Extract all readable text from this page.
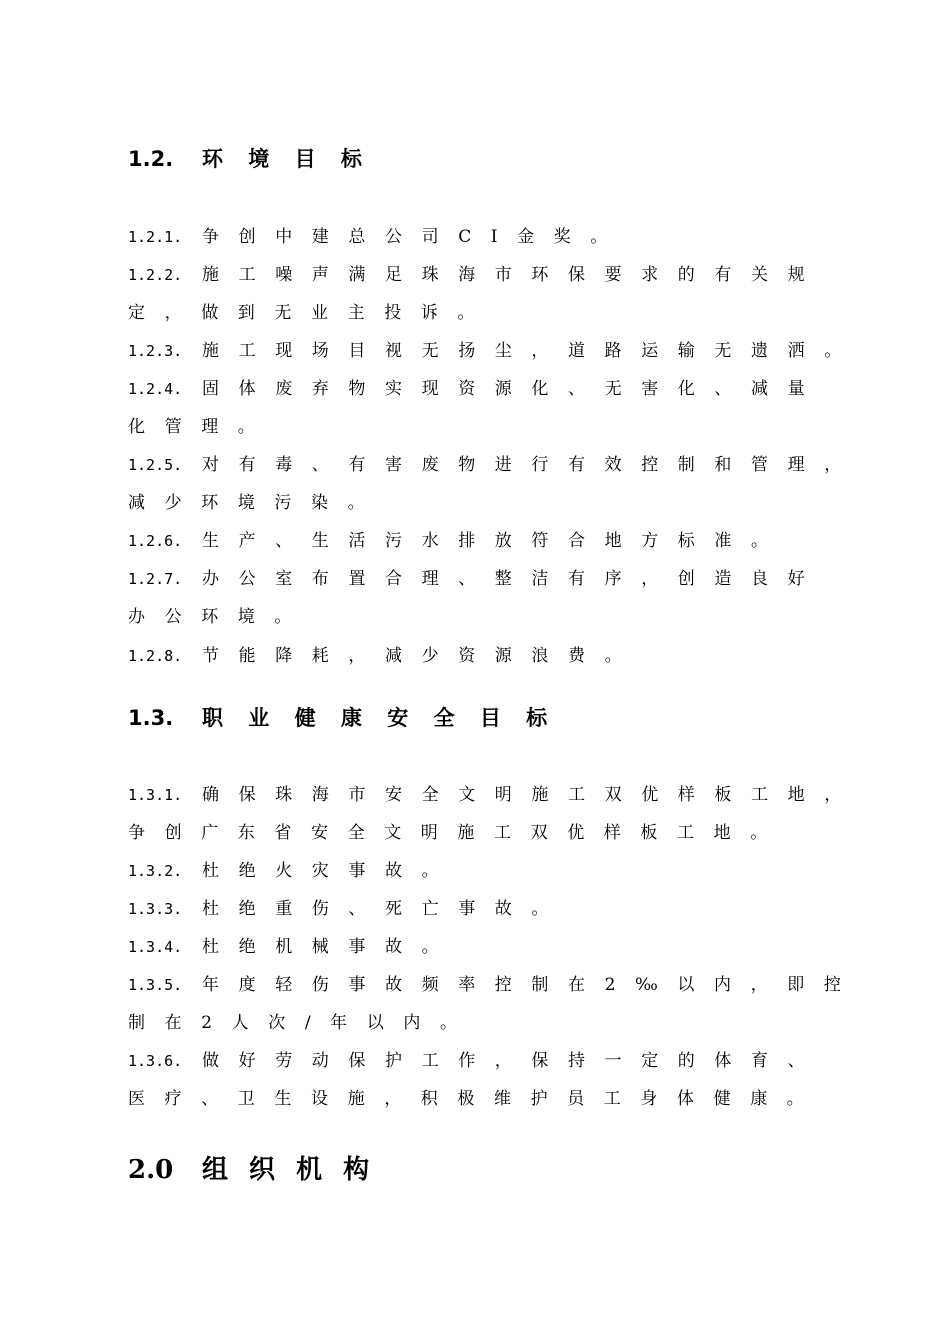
1.2. 环 境 目 标
1.2.1. 争创中建总公司CI金奖。
1.2.2. 施工噪声满足珠海市环保要求的有关规
定，做到无业主投诉。
1.2.3. 施工现场目视无扬尘，道路运输无遗洒。
1.2.4. 固体废弃物实现资源化、无害化、减量
化管理。
1.2.5. 对有毒、有害废物进行有效控制和管理，
减少环境污染。
1.2.6. 生产、生活污水排放符合地方标准。
1.2.7. 办公室布置合理、整洁有序，创造良好
办公环境。
1.2.8. 节能降耗，减少资源浪费。
1.3. 职 业 健 康 安 全 目 标
1.3.1. 确保珠海市安全文明施工双优样板工地，
争创广东省安全文明施工双优样板工地。
1.3.2. 杜绝火灾事故。
1.3.3. 杜绝重伤、死亡事故。
1.3.4. 杜绝机械事故。
1.3.5. 年度轻伤事故频率控制在2‰以内，即控
制在2人次/年以内。
1.3.6. 做好劳动保护工作，保持一定的体育、
医疗、卫生设施，积极维护员工身体健康。
2.0 组 织 机 构
